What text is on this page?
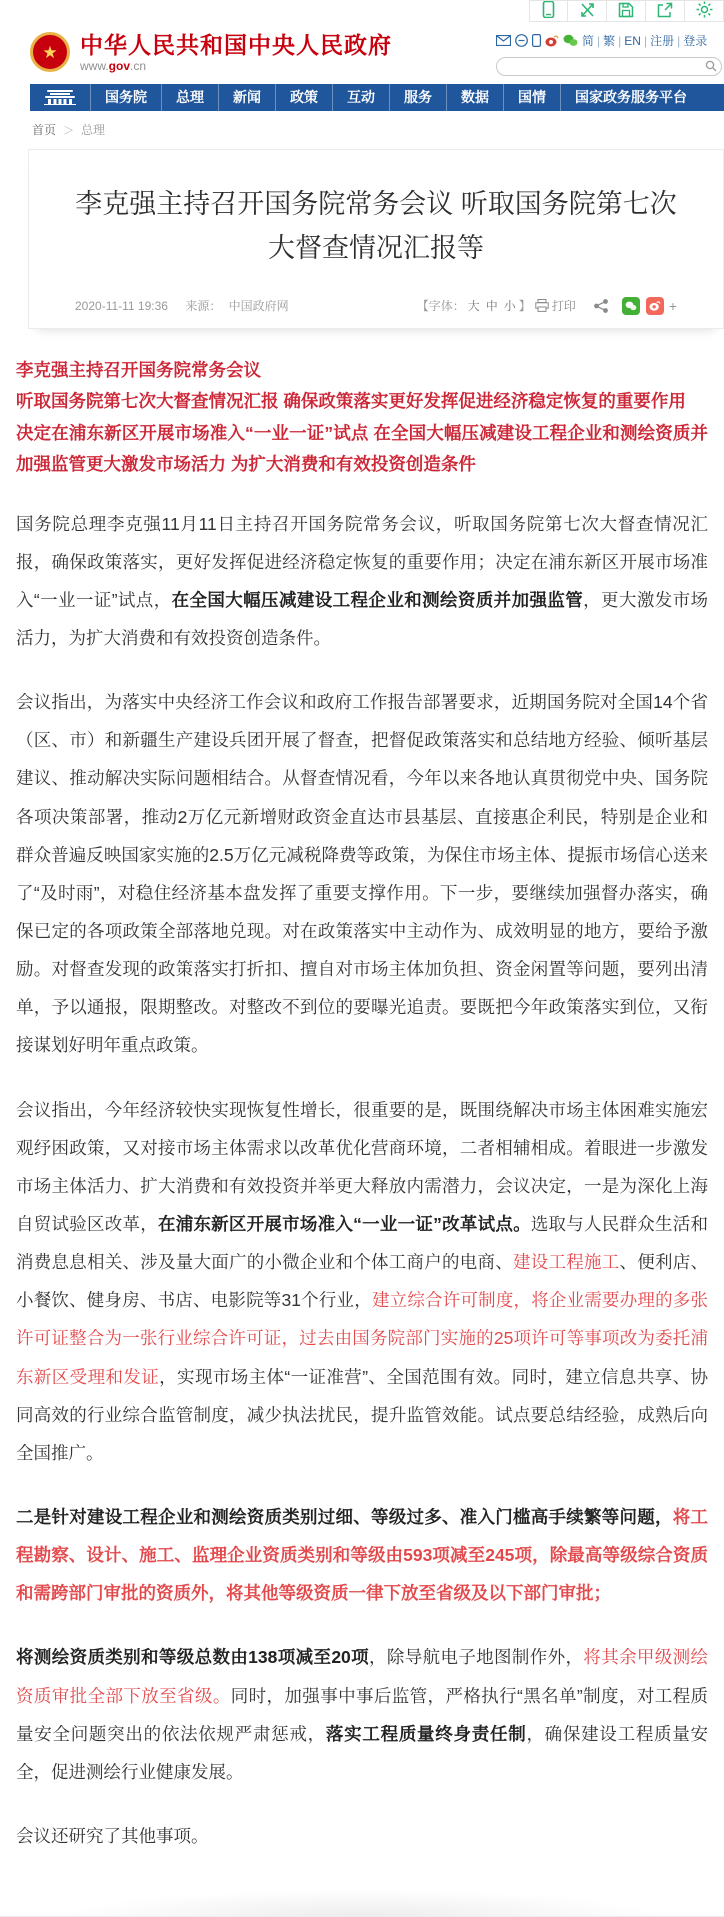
★ 中华人民共和国中央人民政府
www.gov.cn
简 | 繁 | EN | 注册 | 登录
国务院	总理	新闻	政策	互动	服务	数据	国情	国家政务服务平台
首页 ＞ 总理
李克强主持召开国务院常务会议 听取国务院第七次大督查情况汇报等
2020-11-11 19:36 来源： 中国政府网	【字体： 大 中 小 】 打印	+

李克强主持召开国务院常务会议

听取国务院第七次大督查情况汇报 确保政策落实更好发挥促进经济稳定恢复的重要作用

决定在浦东新区开展市场准入“一业一证”试点 在全国大幅压减建设工程企业和测绘资质并加强监管更大激发市场活力 为扩大消费和有效投资创造条件

国务院总理李克强11月11日主持召开国务院常务会议，听取国务院第七次大督查情况汇报，确保政策落实，更好发挥促进经济稳定恢复的重要作用；决定在浦东新区开展市场准入“一业一证”试点，在全国大幅压减建设工程企业和测绘资质并加强监管，更大激发市场活力，为扩大消费和有效投资创造条件。

会议指出，为落实中央经济工作会议和政府工作报告部署要求，近期国务院对全国14个省（区、市）和新疆生产建设兵团开展了督查，把督促政策落实和总结地方经验、倾听基层建议、推动解决实际问题相结合。从督查情况看，今年以来各地认真贯彻党中央、国务院各项决策部署，推动2万亿元新增财政资金直达市县基层、直接惠企利民，特别是企业和群众普遍反映国家实施的2.5万亿元减税降费等政策，为保住市场主体、提振市场信心送来了“及时雨”，对稳住经济基本盘发挥了重要支撑作用。下一步，要继续加强督办落实，确保已定的各项政策全部落地兑现。对在政策落实中主动作为、成效明显的地方，要给予激励。对督查发现的政策落实打折扣、擅自对市场主体加负担、资金闲置等问题，要列出清单，予以通报，限期整改。对整改不到位的要曝光追责。要既把今年政策落实到位，又衔接谋划好明年重点政策。

会议指出，今年经济较快实现恢复性增长，很重要的是，既围绕解决市场主体困难实施宏观纾困政策，又对接市场主体需求以改革优化营商环境，二者相辅相成。着眼进一步激发市场主体活力、扩大消费和有效投资并举更大释放内需潜力，会议决定，一是为深化上海自贸试验区改革，在浦东新区开展市场准入“一业一证”改革试点。选取与人民群众生活和消费息息相关、涉及量大面广的小微企业和个体工商户的电商、建设工程施工、便利店、小餐饮、健身房、书店、电影院等31个行业，建立综合许可制度，将企业需要办理的多张许可证整合为一张行业综合许可证，过去由国务院部门实施的25项许可等事项改为委托浦东新区受理和发证，实现市场主体“一证准营”、全国范围有效。同时，建立信息共享、协同高效的行业综合监管制度，减少执法扰民，提升监管效能。试点要总结经验，成熟后向全国推广。

二是针对建设工程企业和测绘资质类别过细、等级过多、准入门槛高手续繁等问题，将工程勘察、设计、施工、监理企业资质类别和等级由593项减至245项，除最高等级综合资质和需跨部门审批的资质外，将其他等级资质一律下放至省级及以下部门审批；

将测绘资质类别和等级总数由138项减至20项，除导航电子地图制作外，将其余甲级测绘资质审批全部下放至省级。同时，加强事中事后监管，严格执行“黑名单”制度，对工程质量安全问题突出的依法依规严肃惩戒，落实工程质量终身责任制，确保建设工程质量安全，促进测绘行业健康发展。

会议还研究了其他事项。
